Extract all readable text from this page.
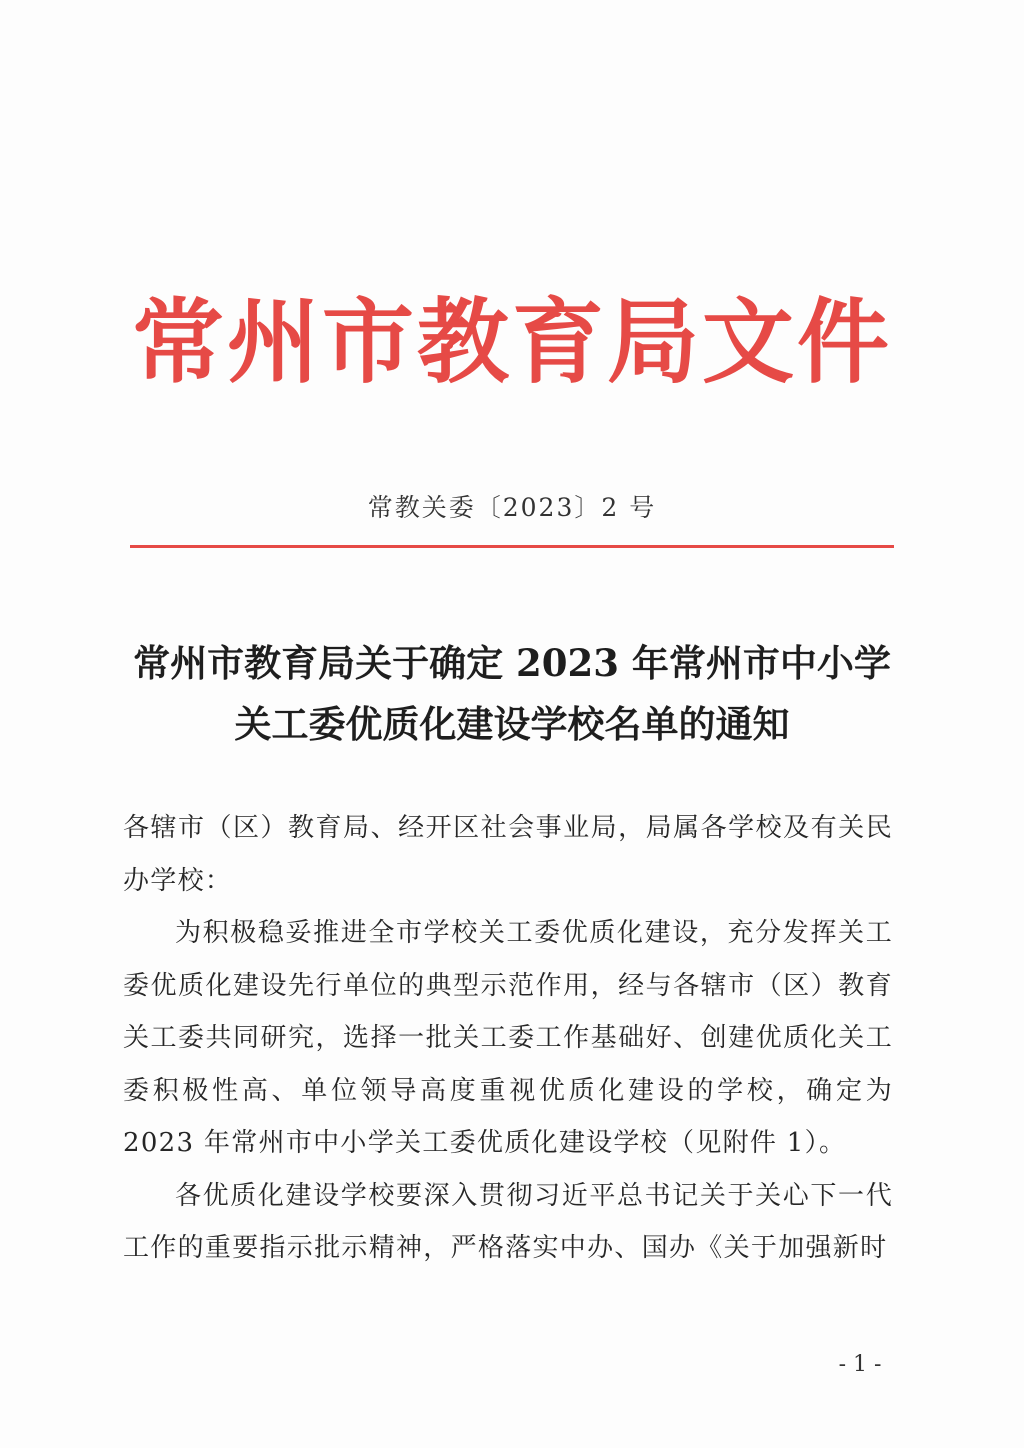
常州市教育局文件
常教关委〔2023〕2 号
常州市教育局关于确定 2023 年常州市中小学
关工委优质化建设学校名单的通知

各辖市（区）教育局、经开区社会事业局，局属各学校及有关民办学校：

为积极稳妥推进全市学校关工委优质化建设，充分发挥关工委优质化建设先行单位的典型示范作用，经与各辖市（区）教育关工委共同研究，选择一批关工委工作基础好、创建优质化关工委积极性高、单位领导高度重视优质化建设的学校，确定为 2023 年常州市中小学关工委优质化建设学校（见附件 1）。

各优质化建设学校要深入贯彻习近平总书记关于关心下一代工作的重要指示批示精神，严格落实中办、国办《关于加强新时

- 1 -
